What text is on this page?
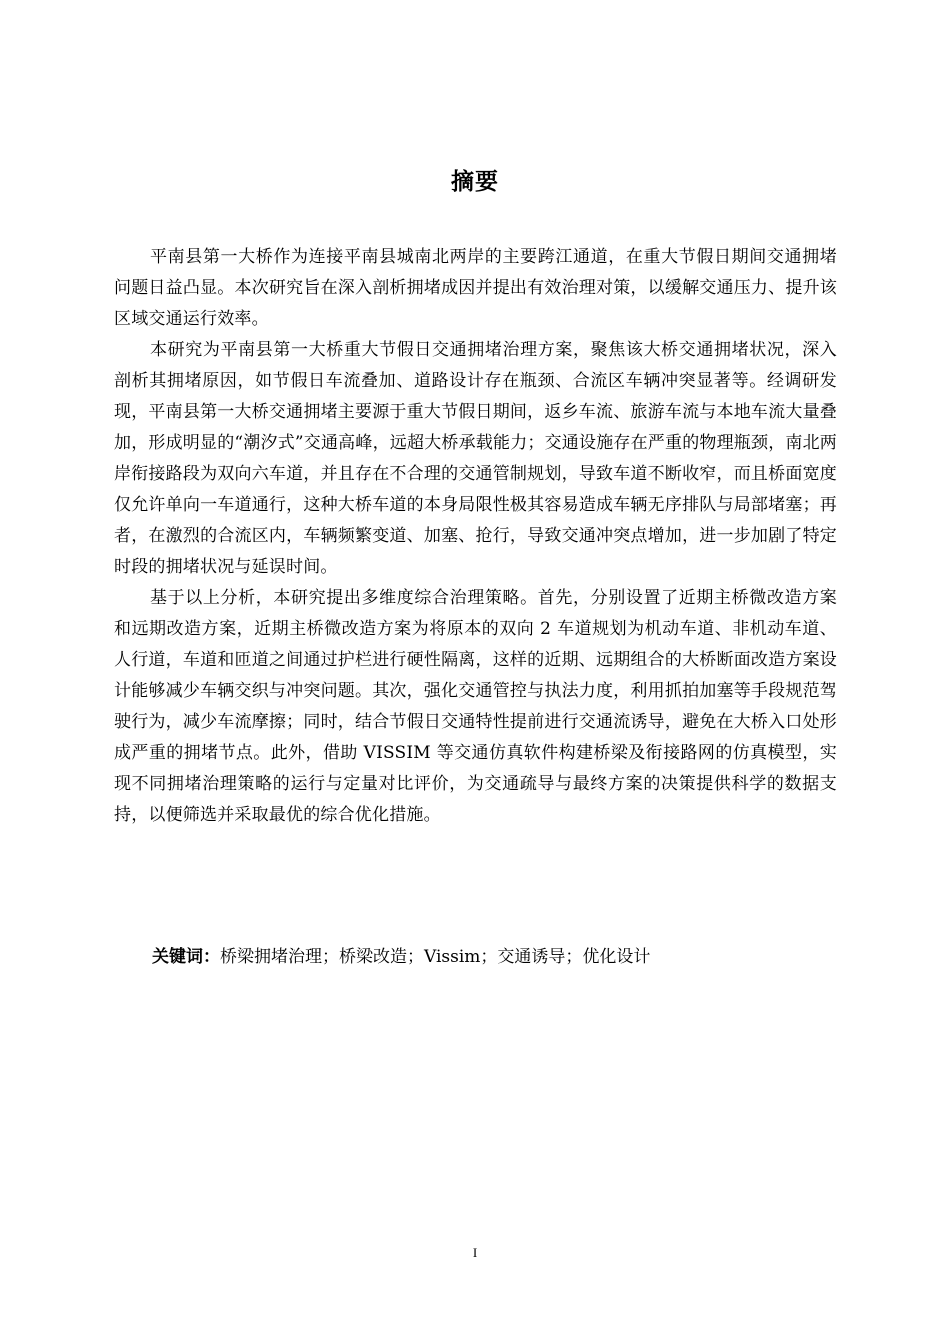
摘要

平南县第一大桥作为连接平南县城南北两岸的主要跨江通道，在重大节假日期间交通拥堵问题日益凸显。本次研究旨在深入剖析拥堵成因并提出有效治理对策，以缓解交通压力、提升该区域交通运行效率。

本研究为平南县第一大桥重大节假日交通拥堵治理方案，聚焦该大桥交通拥堵状况，深入剖析其拥堵原因，如节假日车流叠加、道路设计存在瓶颈、合流区车辆冲突显著等。经调研发现，平南县第一大桥交通拥堵主要源于重大节假日期间，返乡车流、旅游车流与本地车流大量叠加，形成明显的“潮汐式”交通高峰，远超大桥承载能力；交通设施存在严重的物理瓶颈，南北两岸衔接路段为双向六车道，并且存在不合理的交通管制规划，导致车道不断收窄，而且桥面宽度仅允许单向一车道通行，这种大桥车道的本身局限性极其容易造成车辆无序排队与局部堵塞；再者，在激烈的合流区内，车辆频繁变道、加塞、抢行，导致交通冲突点增加，进一步加剧了特定时段的拥堵状况与延误时间。

基于以上分析，本研究提出多维度综合治理策略。首先，分别设置了近期主桥微改造方案和远期改造方案，近期主桥微改造方案为将原本的双向 2 车道规划为机动车道、非机动车道、人行道，车道和匝道之间通过护栏进行硬性隔离，这样的近期、远期组合的大桥断面改造方案设计能够减少车辆交织与冲突问题。其次，强化交通管控与执法力度，利用抓拍加塞等手段规范驾驶行为，减少车流摩擦；同时，结合节假日交通特性提前进行交通流诱导，避免在大桥入口处形成严重的拥堵节点。此外，借助 VISSIM 等交通仿真软件构建桥梁及衔接路网的仿真模型，实现不同拥堵治理策略的运行与定量对比评价，为交通疏导与最终方案的决策提供科学的数据支持，以便筛选并采取最优的综合优化措施。

关键词：桥梁拥堵治理；桥梁改造；Vissim；交通诱导；优化设计
I
